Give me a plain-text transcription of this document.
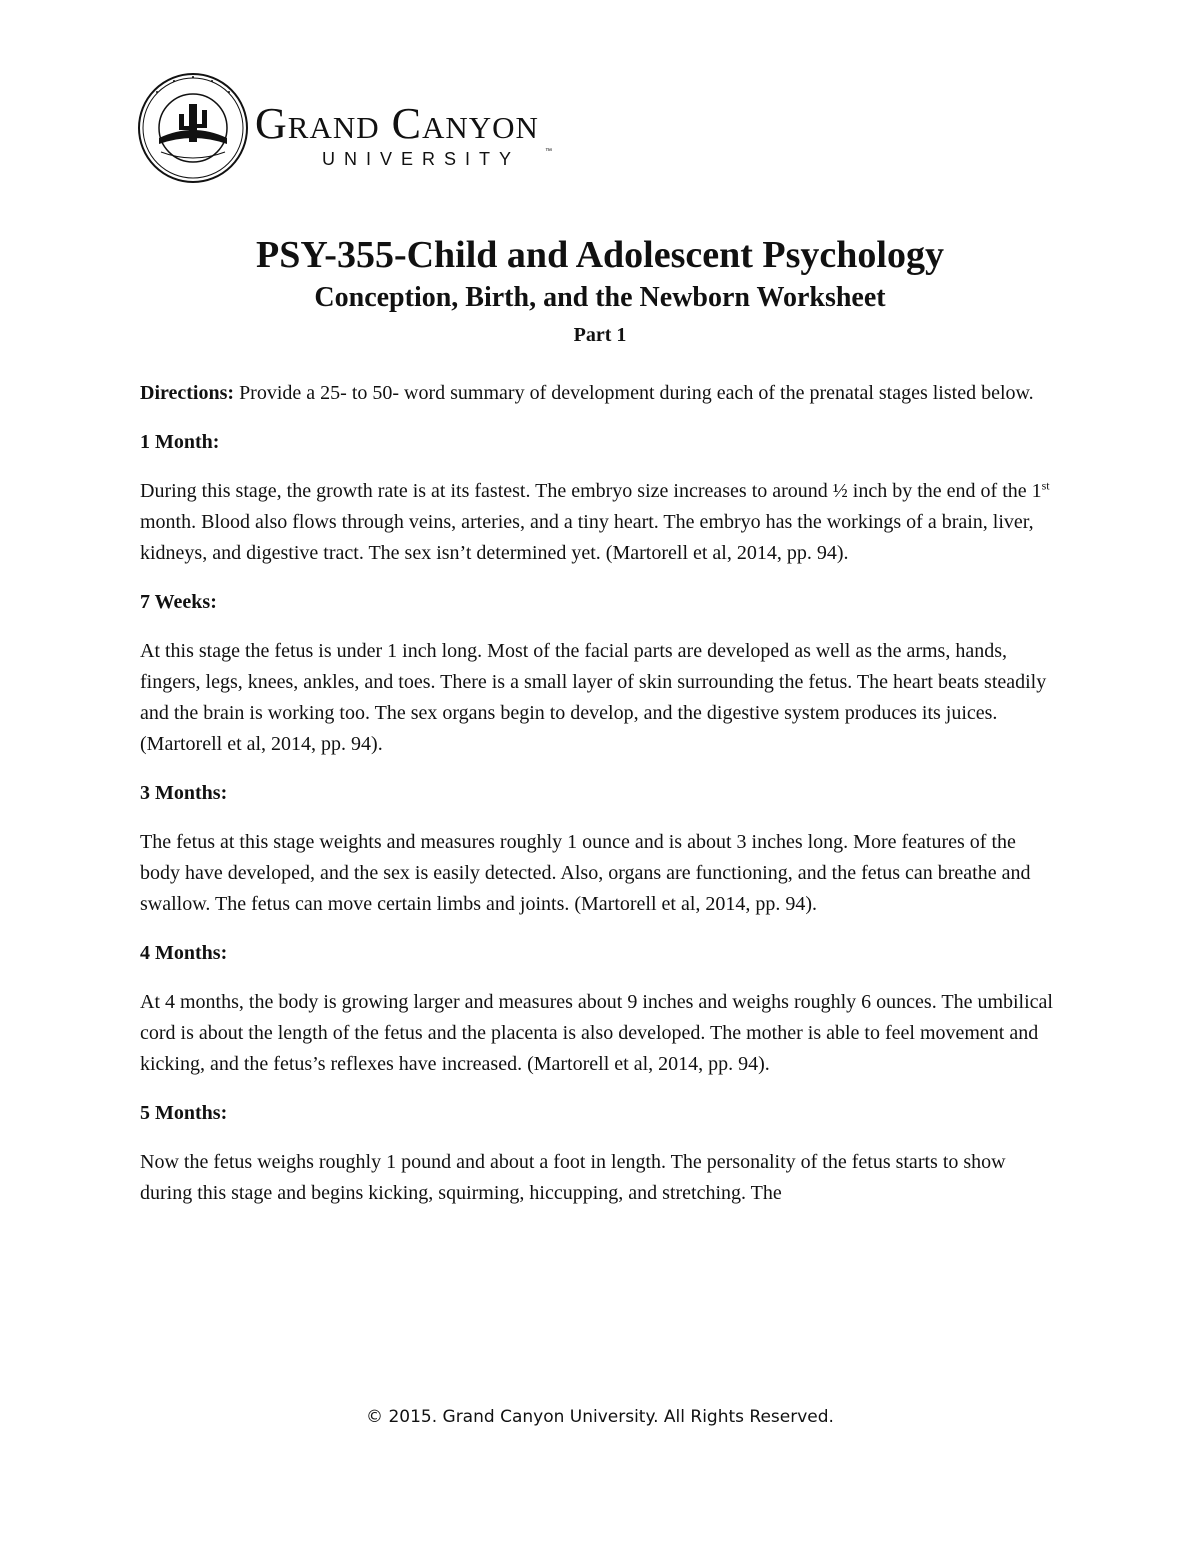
Grand Canyon
UNIVERSITY	™

PSY-355-Child and Adolescent Psychology

Conception, Birth, and the Newborn Worksheet

Part 1

Directions: Provide a 25- to 50- word summary of development during each of the prenatal stages listed below.

1 Month:

During this stage, the growth rate is at its fastest. The embryo size increases to around ½ inch by the end of the 1st month. Blood also flows through veins, arteries, and a tiny heart. The embryo has the workings of a brain, liver, kidneys, and digestive tract. The sex isn’t determined yet. (Martorell et al, 2014, pp. 94).

7 Weeks:

At this stage the fetus is under 1 inch long. Most of the facial parts are developed as well as the arms, hands, fingers, legs, knees, ankles, and toes. There is a small layer of skin surrounding the fetus. The heart beats steadily and the brain is working too. The sex organs begin to develop, and the digestive system produces its juices. (Martorell et al, 2014, pp. 94).

3 Months:

The fetus at this stage weights and measures roughly 1 ounce and is about 3 inches long. More features of the body have developed, and the sex is easily detected. Also, organs are functioning, and the fetus can breathe and swallow. The fetus can move certain limbs and joints. (Martorell et al, 2014, pp. 94).

4 Months:

At 4 months, the body is growing larger and measures about 9 inches and weighs roughly 6 ounces. The umbilical cord is about the length of the fetus and the placenta is also developed. The mother is able to feel movement and kicking, and the fetus’s reflexes have increased. (Martorell et al, 2014, pp. 94).

5 Months:

Now the fetus weighs roughly 1 pound and about a foot in length. The personality of the fetus starts to show during this stage and begins kicking, squirming, hiccupping, and stretching. The

© 2015. Grand Canyon University. All Rights Reserved.
